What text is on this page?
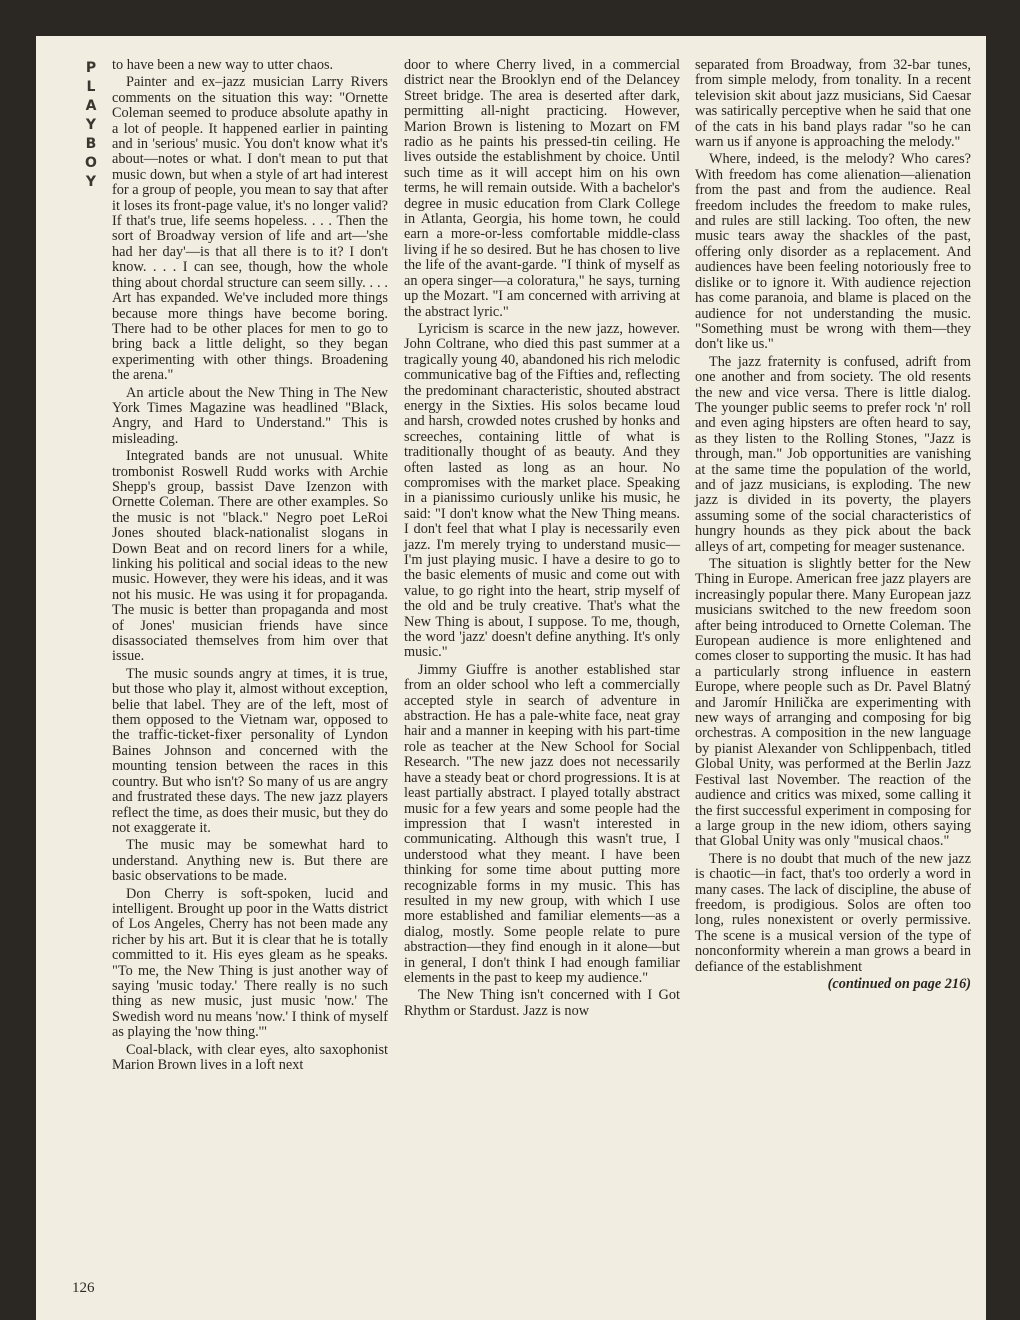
P
L
A
Y
B
O
Y
126

to have been a new way to utter chaos.

Painter and ex–jazz musician Larry Rivers comments on the situation this way: "Ornette Coleman seemed to produce absolute apathy in a lot of people. It happened earlier in painting and in 'serious' music. You don't know what it's about—notes or what. I don't mean to put that music down, but when a style of art had interest for a group of people, you mean to say that after it loses its front-page value, it's no longer valid? If that's true, life seems hopeless. . . . Then the sort of Broadway version of life and art—'she had her day'—is that all there is to it? I don't know. . . . I can see, though, how the whole thing about chordal structure can seem silly. . . . Art has expanded. We've included more things because more things have become boring. There had to be other places for men to go to bring back a little delight, so they began experimenting with other things. Broadening the arena."

An article about the New Thing in The New York Times Magazine was headlined "Black, Angry, and Hard to Understand." This is misleading.

Integrated bands are not unusual. White trombonist Roswell Rudd works with Archie Shepp's group, bassist Dave Izenzon with Ornette Coleman. There are other examples. So the music is not "black." Negro poet LeRoi Jones shouted black-nationalist slogans in Down Beat and on record liners for a while, linking his political and social ideas to the new music. However, they were his ideas, and it was not his music. He was using it for propaganda. The music is better than propaganda and most of Jones' musician friends have since disassociated themselves from him over that issue.

The music sounds angry at times, it is true, but those who play it, almost without exception, belie that label. They are of the left, most of them opposed to the Vietnam war, opposed to the traffic-ticket-fixer personality of Lyndon Baines Johnson and concerned with the mounting tension between the races in this country. But who isn't? So many of us are angry and frustrated these days. The new jazz players reflect the time, as does their music, but they do not exaggerate it.

The music may be somewhat hard to understand. Anything new is. But there are basic observations to be made.

Don Cherry is soft-spoken, lucid and intelligent. Brought up poor in the Watts district of Los Angeles, Cherry has not been made any richer by his art. But it is clear that he is totally committed to it. His eyes gleam as he speaks. "To me, the New Thing is just another way of saying 'music today.' There really is no such thing as new music, just music 'now.' The Swedish word nu means 'now.' I think of myself as playing the 'now thing.'"

Coal-black, with clear eyes, alto saxophonist Marion Brown lives in a loft next

door to where Cherry lived, in a commercial district near the Brooklyn end of the Delancey Street bridge. The area is deserted after dark, permitting all-night practicing. However, Marion Brown is listening to Mozart on FM radio as he paints his pressed-tin ceiling. He lives outside the establishment by choice. Until such time as it will accept him on his own terms, he will remain outside. With a bachelor's degree in music education from Clark College in Atlanta, Georgia, his home town, he could earn a more-or-less comfortable middle-class living if he so desired. But he has chosen to live the life of the avant-garde. "I think of myself as an opera singer—a coloratura," he says, turning up the Mozart. "I am concerned with arriving at the abstract lyric."

Lyricism is scarce in the new jazz, however. John Coltrane, who died this past summer at a tragically young 40, abandoned his rich melodic communicative bag of the Fifties and, reflecting the predominant characteristic, shouted abstract energy in the Sixties. His solos became loud and harsh, crowded notes crushed by honks and screeches, containing little of what is traditionally thought of as beauty. And they often lasted as long as an hour. No compromises with the market place. Speaking in a pianissimo curiously unlike his music, he said: "I don't know what the New Thing means. I don't feel that what I play is necessarily even jazz. I'm merely trying to understand music—I'm just playing music. I have a desire to go to the basic elements of music and come out with value, to go right into the heart, strip myself of the old and be truly creative. That's what the New Thing is about, I suppose. To me, though, the word 'jazz' doesn't define anything. It's only music."

Jimmy Giuffre is another established star from an older school who left a commercially accepted style in search of adventure in abstraction. He has a pale-white face, neat gray hair and a manner in keeping with his part-time role as teacher at the New School for Social Research. "The new jazz does not necessarily have a steady beat or chord progressions. It is at least partially abstract. I played totally abstract music for a few years and some people had the impression that I wasn't interested in communicating. Although this wasn't true, I understood what they meant. I have been thinking for some time about putting more recognizable forms in my music. This has resulted in my new group, with which I use more established and familiar elements—as a dialog, mostly. Some people relate to pure abstraction—they find enough in it alone—but in general, I don't think I had enough familiar elements in the past to keep my audience."

The New Thing isn't concerned with I Got Rhythm or Stardust. Jazz is now

separated from Broadway, from 32-bar tunes, from simple melody, from tonality. In a recent television skit about jazz musicians, Sid Caesar was satirically perceptive when he said that one of the cats in his band plays radar "so he can warn us if anyone is approaching the melody."

Where, indeed, is the melody? Who cares? With freedom has come alienation—alienation from the past and from the audience. Real freedom includes the freedom to make rules, and rules are still lacking. Too often, the new music tears away the shackles of the past, offering only disorder as a replacement. And audiences have been feeling notoriously free to dislike or to ignore it. With audience rejection has come paranoia, and blame is placed on the audience for not understanding the music. "Something must be wrong with them—they don't like us."

The jazz fraternity is confused, adrift from one another and from society. The old resents the new and vice versa. There is little dialog. The younger public seems to prefer rock 'n' roll and even aging hipsters are often heard to say, as they listen to the Rolling Stones, "Jazz is through, man." Job opportunities are vanishing at the same time the population of the world, and of jazz musicians, is exploding. The new jazz is divided in its poverty, the players assuming some of the social characteristics of hungry hounds as they pick about the back alleys of art, competing for meager sustenance.

The situation is slightly better for the New Thing in Europe. American free jazz players are increasingly popular there. Many European jazz musicians switched to the new freedom soon after being introduced to Ornette Coleman. The European audience is more enlightened and comes closer to supporting the music. It has had a particularly strong influence in eastern Europe, where people such as Dr. Pavel Blatný and Jaromír Hnilička are experimenting with new ways of arranging and composing for big orchestras. A composition in the new language by pianist Alexander von Schlippenbach, titled Global Unity, was performed at the Berlin Jazz Festival last November. The reaction of the audience and critics was mixed, some calling it the first successful experiment in composing for a large group in the new idiom, others saying that Global Unity was only "musical chaos."

There is no doubt that much of the new jazz is chaotic—in fact, that's too orderly a word in many cases. The lack of discipline, the abuse of freedom, is prodigious. Solos are often too long, rules nonexistent or overly permissive. The scene is a musical version of the type of nonconformity wherein a man grows a beard in defiance of the establishment

(continued on page 216)
